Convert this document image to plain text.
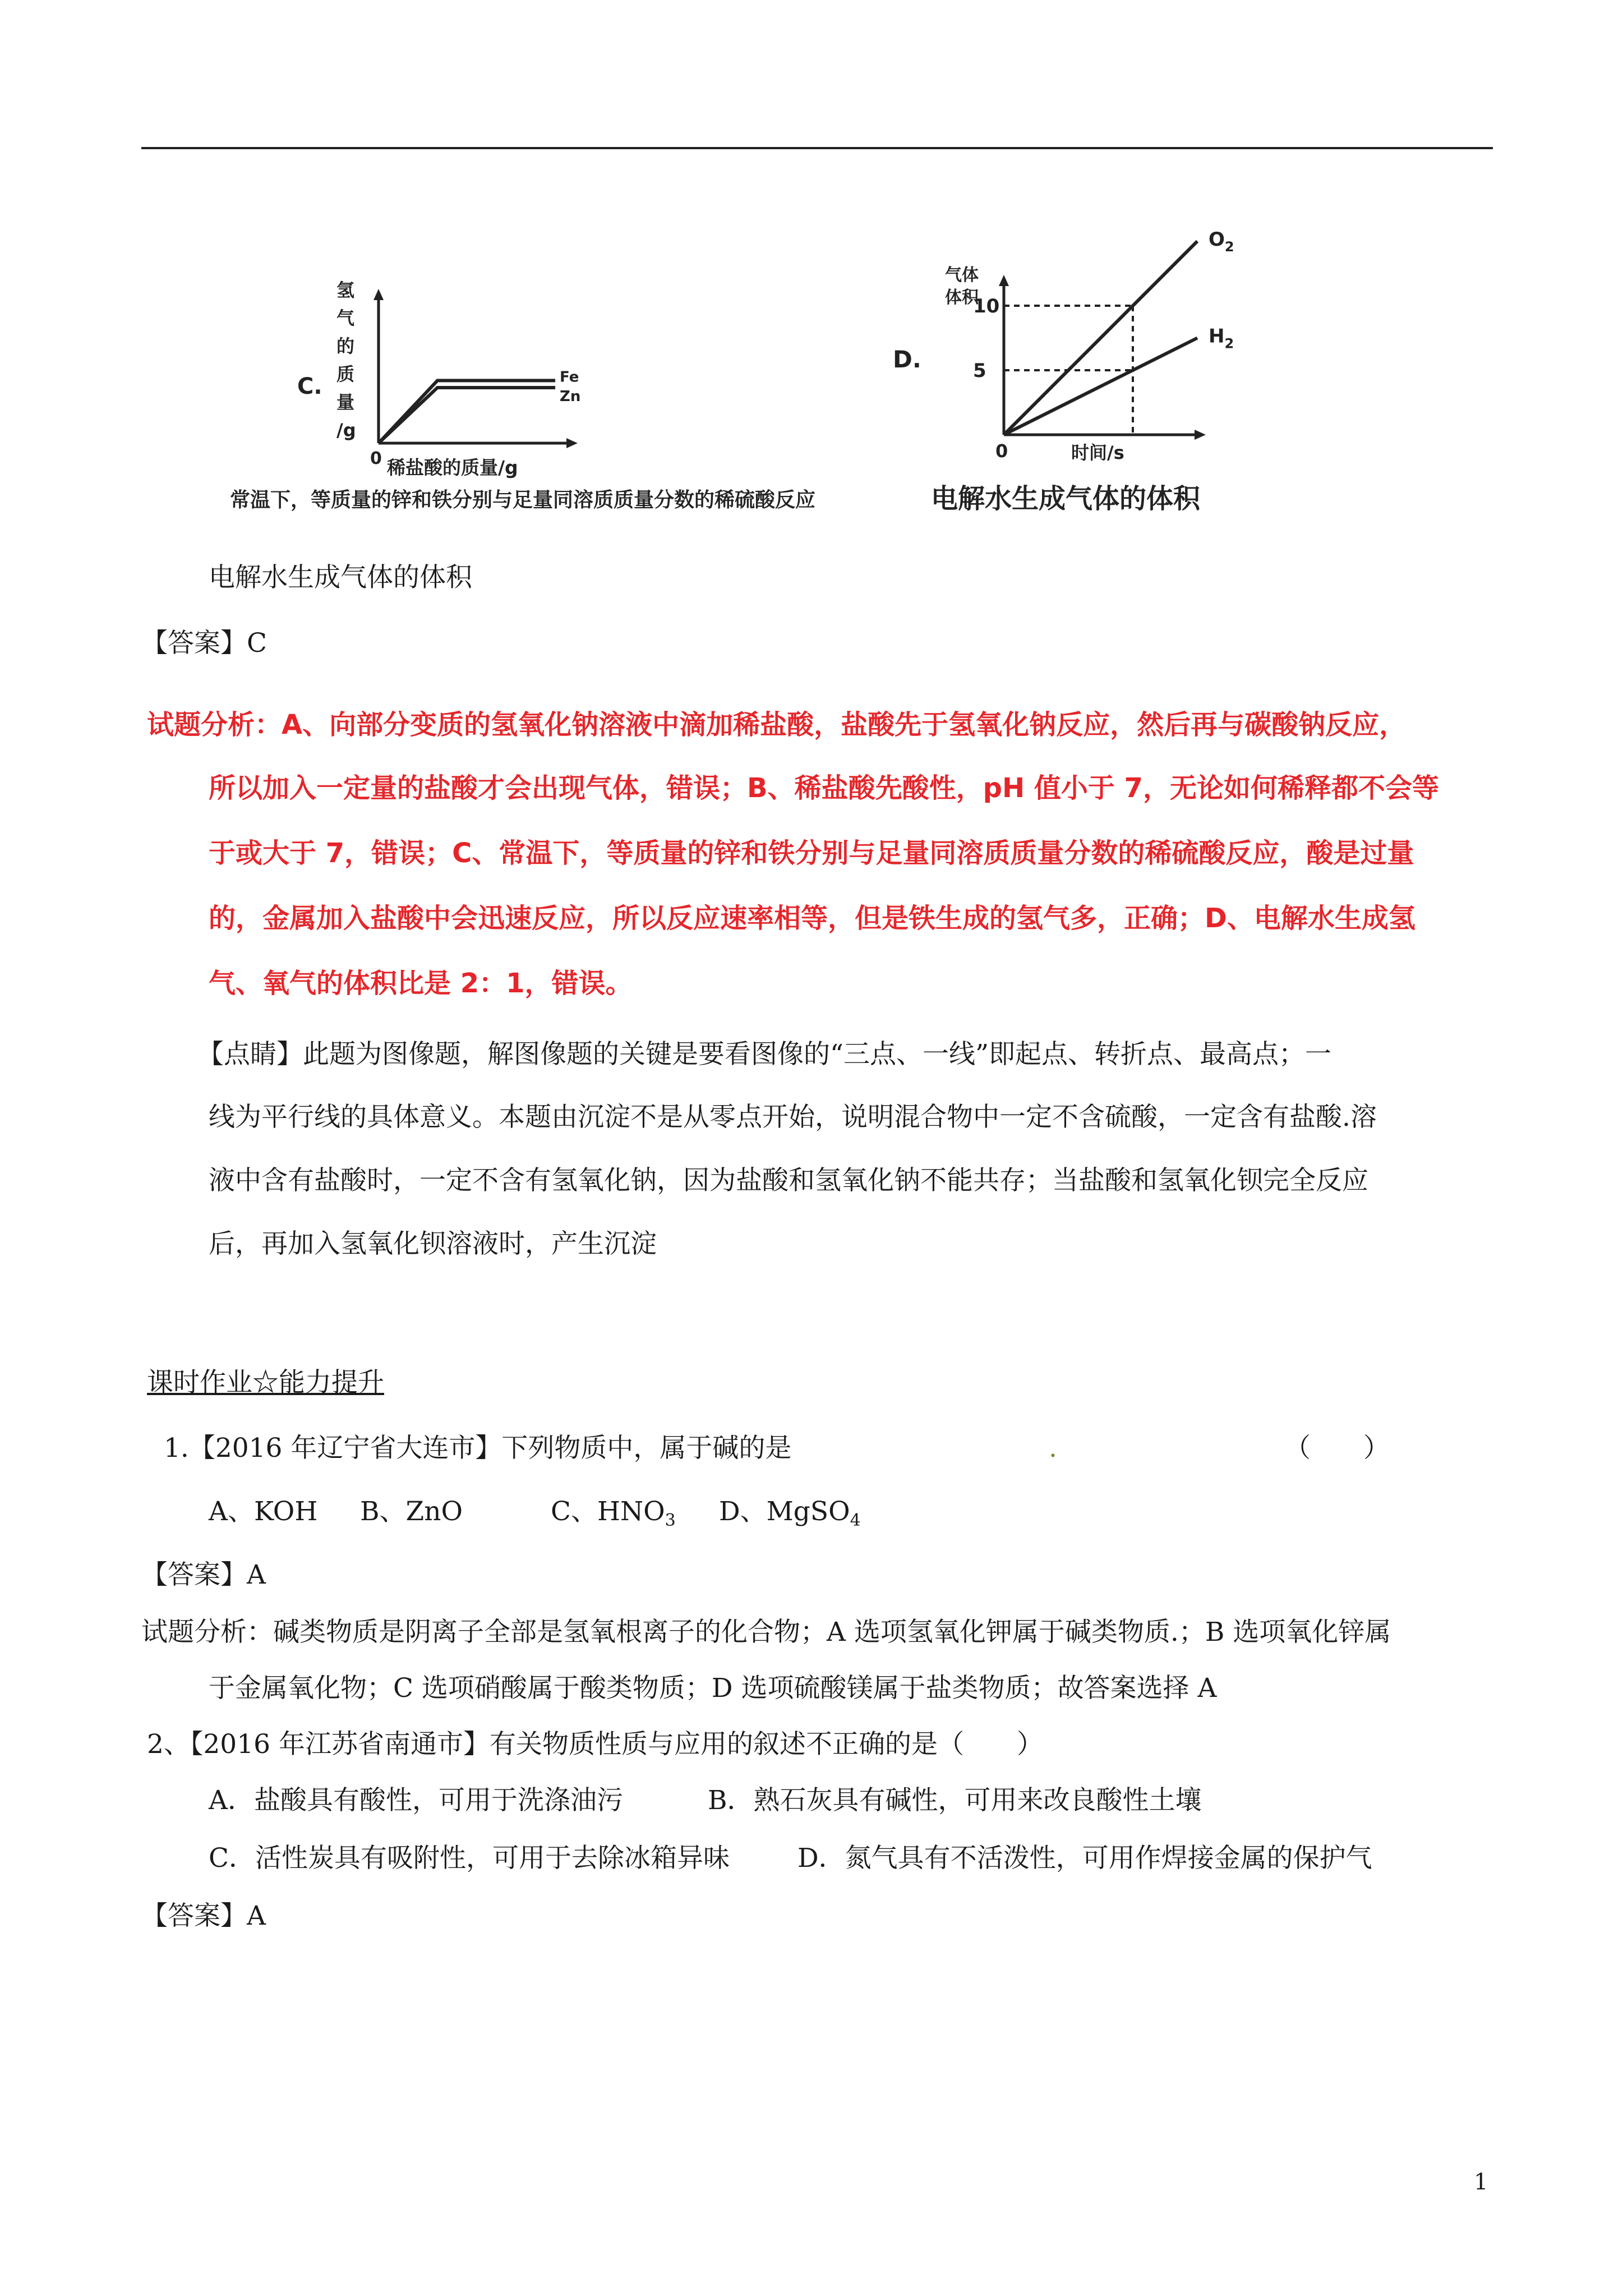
C.
氢
气
的
质
量
/g
0 稀盐酸的质量/g
Fe
Zn
常温下，等质量的锌和铁分别与足量同溶质质量分数的稀硫酸反应
D.
气体
体积
0	时间/s
10
5
$O_2$
$H_2$
电解水生成气体的体积
电解水生成气体的体积
【答案】C
试题分析：A、向部分变质的氢氧化钠溶液中滴加稀盐酸，盐酸先于氢氧化钠反应，然后再与碳酸钠反应，
所以加入一定量的盐酸才会出现气体，错误；B、稀盐酸先酸性，pH 值小于 7，无论如何稀释都不会等
于或大于 7，错误；C、常温下，等质量的锌和铁分别与足量同溶质质量分数的稀硫酸反应，酸是过量
的，金属加入盐酸中会迅速反应，所以反应速率相等，但是铁生成的氢气多，正确；D、电解水生成氢
气、氧气的体积比是 2：1，错误。
【点睛】此题为图像题，解图像题的关键是要看图像的“三点、一线”即起点、转折点、最高点；一
线为平行线的具体意义。本题由沉淀不是从零点开始，说明混合物中一定不含硫酸，一定含有盐酸.溶
液中含有盐酸时，一定不含有氢氧化钠，因为盐酸和氢氧化钠不能共存；当盐酸和氢氧化钡完全反应
后，再加入氢氧化钡溶液时，产生沉淀
课时作业☆能力提升
1.【2016 年辽宁省大连市】下列物质中，属于碱的是	.	（　　）
A、KOH B、ZnO	C、$HNO_3$ D、MgSO$_4$
【答案】A
试题分析：碱类物质是阴离子全部是氢氧根离子的化合物；A 选项氢氧化钾属于碱类物质.；B 选项氧化锌属
于金属氧化物；C 选项硝酸属于酸类物质；D 选项硫酸镁属于盐类物质；故答案选择 A
2、【2016 年江苏省南通市】有关物质性质与应用的叙述不正确的是（　　）
A．盐酸具有酸性，可用于洗涤油污	B．熟石灰具有碱性，可用来改良酸性土壤
C．活性炭具有吸附性，可用于去除冰箱异味	D．氮气具有不活泼性，可用作焊接金属的保护气
【答案】A
1
